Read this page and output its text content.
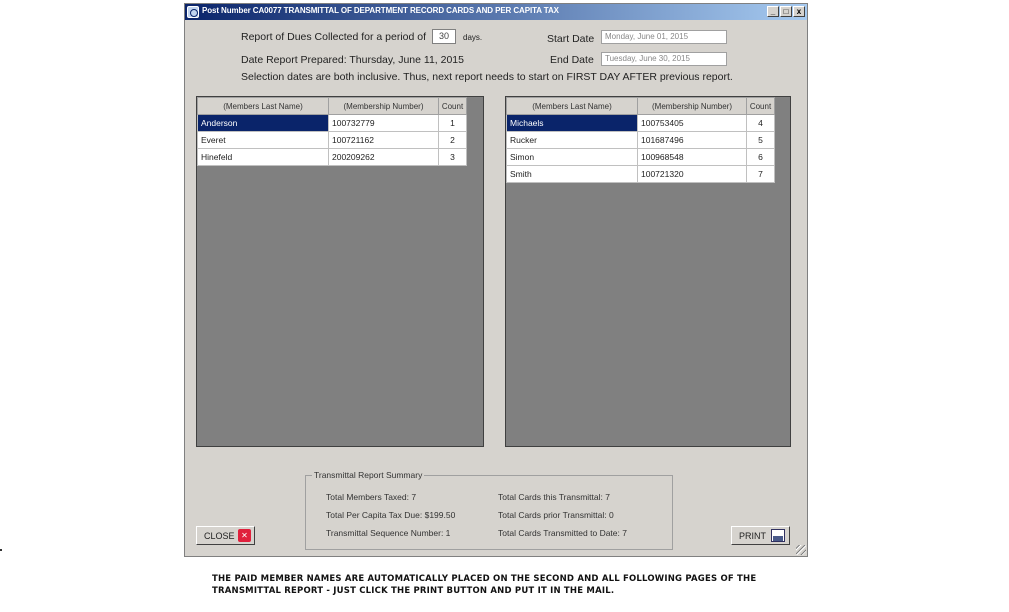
Post Number CA0077 TRANSMITTAL OF DEPARTMENT RECORD CARDS AND PER CAPITA TAX	_	□	x
Report of Dues Collected for a period of	30	days.	Start Date	Monday, June 01, 2015
Date Report Prepared: Thursday, June 11, 2015	End Date	Tuesday, June 30, 2015
Selection dates are both inclusive. Thus, next report needs to start on FIRST DAY AFTER previous report.
(Members Last Name)	(Membership Number)	Count
Anderson	100732779	1
Everet	100721162	2
Hinefeld	200209262	3
(Members Last Name)	(Membership Number)	Count
Michaels	100753405	4
Rucker	101687496	5
Simon	100968548	6
Smith	100721320	7
Transmittal Report Summary
Total Members Taxed: 7
Total Per Capita Tax Due: $199.50
Transmittal Sequence Number: 1
Total Cards this Transmittal: 7
Total Cards prior Transmittal: 0
Total Cards Transmitted to Date: 7
CLOSE ✕	PRINT
THE PAID MEMBER NAMES ARE AUTOMATICALLY PLACED ON THE SECOND AND ALL FOLLOWING PAGES OF THE
TRANSMITTAL REPORT - JUST CLICK THE PRINT BUTTON AND PUT IT IN THE MAIL.
